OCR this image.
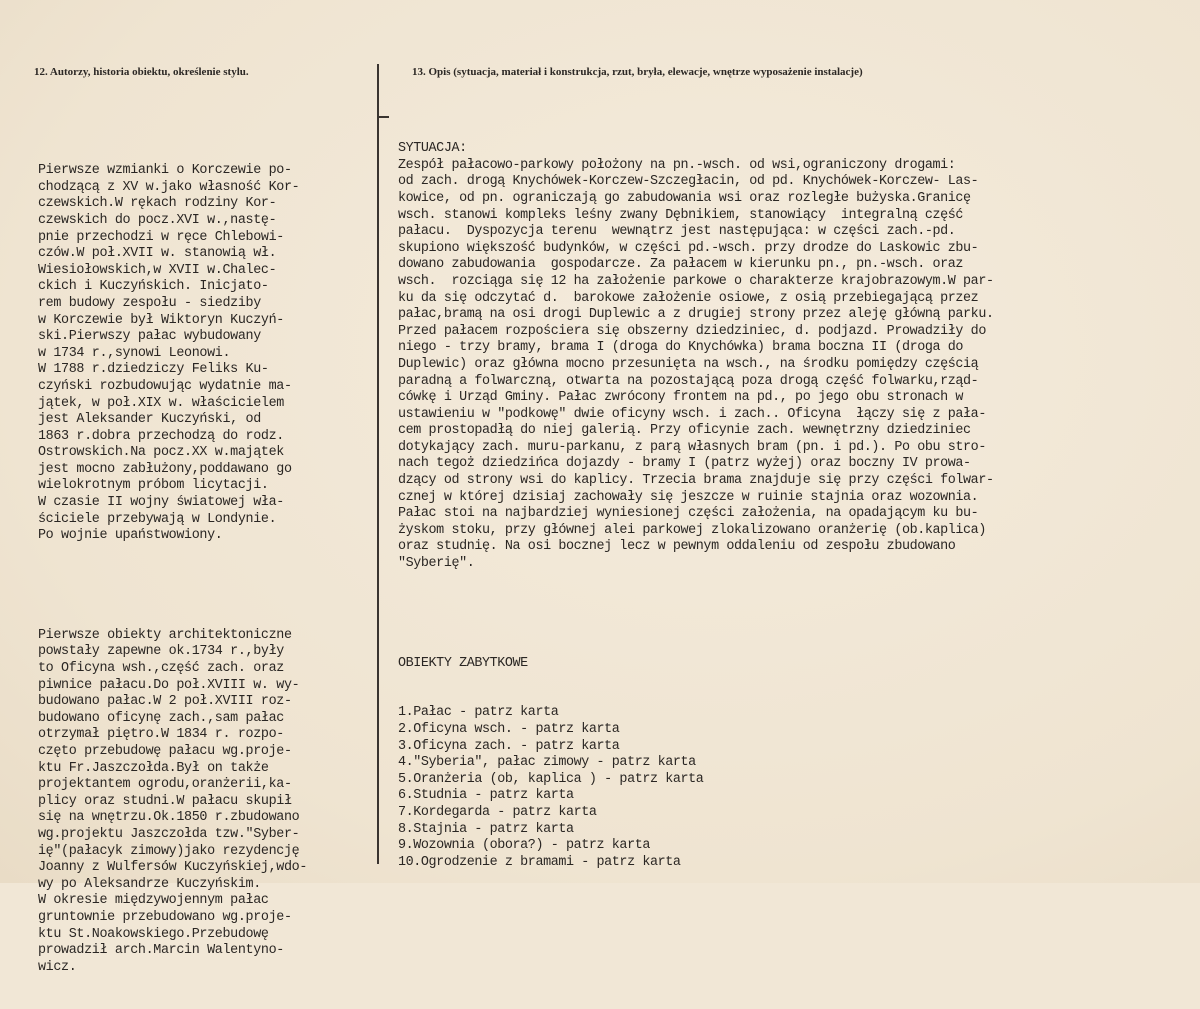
12. Autorzy, historia obiektu, określenie stylu.	13. Opis (sytuacja, materiał i konstrukcja, rzut, bryła, elewacje, wnętrze wyposażenie instalacje)

Pierwsze wzmianki o Korczewie po-
chodzącą z XV w.jako własność Kor-
czewskich.W rękach rodziny Kor-
czewskich do pocz.XVI w.,nastę-
pnie przechodzi w ręce Chlebowi-
czów.W poł.XVII w. stanowią wł.
Wiesiołowskich,w XVII w.Chalec-
ckich i Kuczyńskich. Inicjato-
rem budowy zespołu - siedziby
w Korczewie był Wiktoryn Kuczyń-
ski.Pierwszy pałac wybudowany
w 1734 r.,synowi Leonowi.
W 1788 r.dziedziczy Feliks Ku-
czyński rozbudowując wydatnie ma-
jątek, w poł.XIX w. właścicielem
jest Aleksander Kuczyński, od
1863 r.dobra przechodzą do rodz.
Ostrowskich.Na pocz.XX w.majątek
jest mocno zabłużony,poddawano go
wielokrotnym próbom licytacji.
W czasie II wojny światowej wła-
ściciele przebywają w Londynie.
Po wojnie upaństwowiony.

Pierwsze obiekty architektoniczne
powstały zapewne ok.1734 r.,były
to Oficyna wsh.,część zach. oraz
piwnice pałacu.Do poł.XVIII w. wy-
budowano pałac.W 2 poł.XVIII roz-
budowano oficynę zach.,sam pałac
otrzymał piętro.W 1834 r. rozpo-
częto przebudowę pałacu wg.proje-
ktu Fr.Jaszczołda.Był on także
projektantem ogrodu,oranżerii,ka-
plicy oraz studni.W pałacu skupił
się na wnętrzu.Ok.1850 r.zbudowano
wg.projektu Jaszczołda tzw."Syber-
ię"(pałacyk zimowy)jako rezydencję
Joanny z Wulfersów Kuczyńskiej,wdo-
wy po Aleksandrze Kuczyńskim.
W okresie międzywojennym pałac
gruntownie przebudowano wg.proje-
ktu St.Noakowskiego.Przebudowę
prowadził arch.Marcin Walentyno-
wicz.

SYTUACJA:
Zespół pałacowo-parkowy położony na pn.-wsch. od wsi,ograniczony drogami:
od zach. drogą Knychówek-Korczew-Szczegłacin, od pd. Knychówek-Korczew- Las-
kowice, od pn. ograniczają go zabudowania wsi oraz rozległe bużyska.Granicę
wsch. stanowi kompleks leśny zwany Dębnikiem, stanowiący  integralną część
pałacu.  Dyspozycja terenu  wewnątrz jest następująca: w części zach.-pd.
skupiono większość budynków, w części pd.-wsch. przy drodze do Laskowic zbu-
dowano zabudowania  gospodarcze. Za pałacem w kierunku pn., pn.-wsch. oraz
wsch.  rozciąga się 12 ha założenie parkowe o charakterze krajobrazowym.W par-
ku da się odczytać d.  barokowe założenie osiowe, z osią przebiegającą przez
pałac,bramą na osi drogi Duplewic a z drugiej strony przez aleję główną parku.
Przed pałacem rozpościera się obszerny dziedziniec, d. podjazd. Prowadziły do
niego - trzy bramy, brama I (droga do Knychówka) brama boczna II (droga do
Duplewic) oraz główna mocno przesunięta na wsch., na środku pomiędzy częścią
paradną a folwarczną, otwarta na pozostającą poza drogą część folwarku,rząd-
cówkę i Urząd Gminy. Pałac zwrócony frontem na pd., po jego obu stronach w
ustawieniu w "podkowę" dwie oficyny wsch. i zach.. Oficyna  łączy się z pała-
cem prostopadłą do niej galerią. Przy oficynie zach. wewnętrzny dziedziniec
dotykający zach. muru-parkanu, z parą własnych bram (pn. i pd.). Po obu stro-
nach tegoż dziedzińca dojazdy - bramy I (patrz wyżej) oraz boczny IV prowa-
dzący od strony wsi do kaplicy. Trzecia brama znajduje się przy części folwar-
cznej w której dzisiaj zachowały się jeszcze w ruinie stajnia oraz wozownia.
Pałac stoi na najbardziej wyniesionej części założenia, na opadającym ku bu-
żyskom stoku, przy głównej alei parkowej zlokalizowano oranżerię (ob.kaplica)
oraz studnię. Na osi bocznej lecz w pewnym oddaleniu od zespołu zbudowano
"Syberię".

OBIEKTY ZABYTKOWE

1.Pałac - patrz karta
2.Oficyna wsch. - patrz karta
3.Oficyna zach. - patrz karta
4."Syberia", pałac zimowy - patrz karta
5.Oranżeria (ob, kaplica ) - patrz karta
6.Studnia - patrz karta
7.Kordegarda - patrz karta
8.Stajnia - patrz karta
9.Wozownia (obora?) - patrz karta
10.Ogrodzenie z bramami - patrz karta
